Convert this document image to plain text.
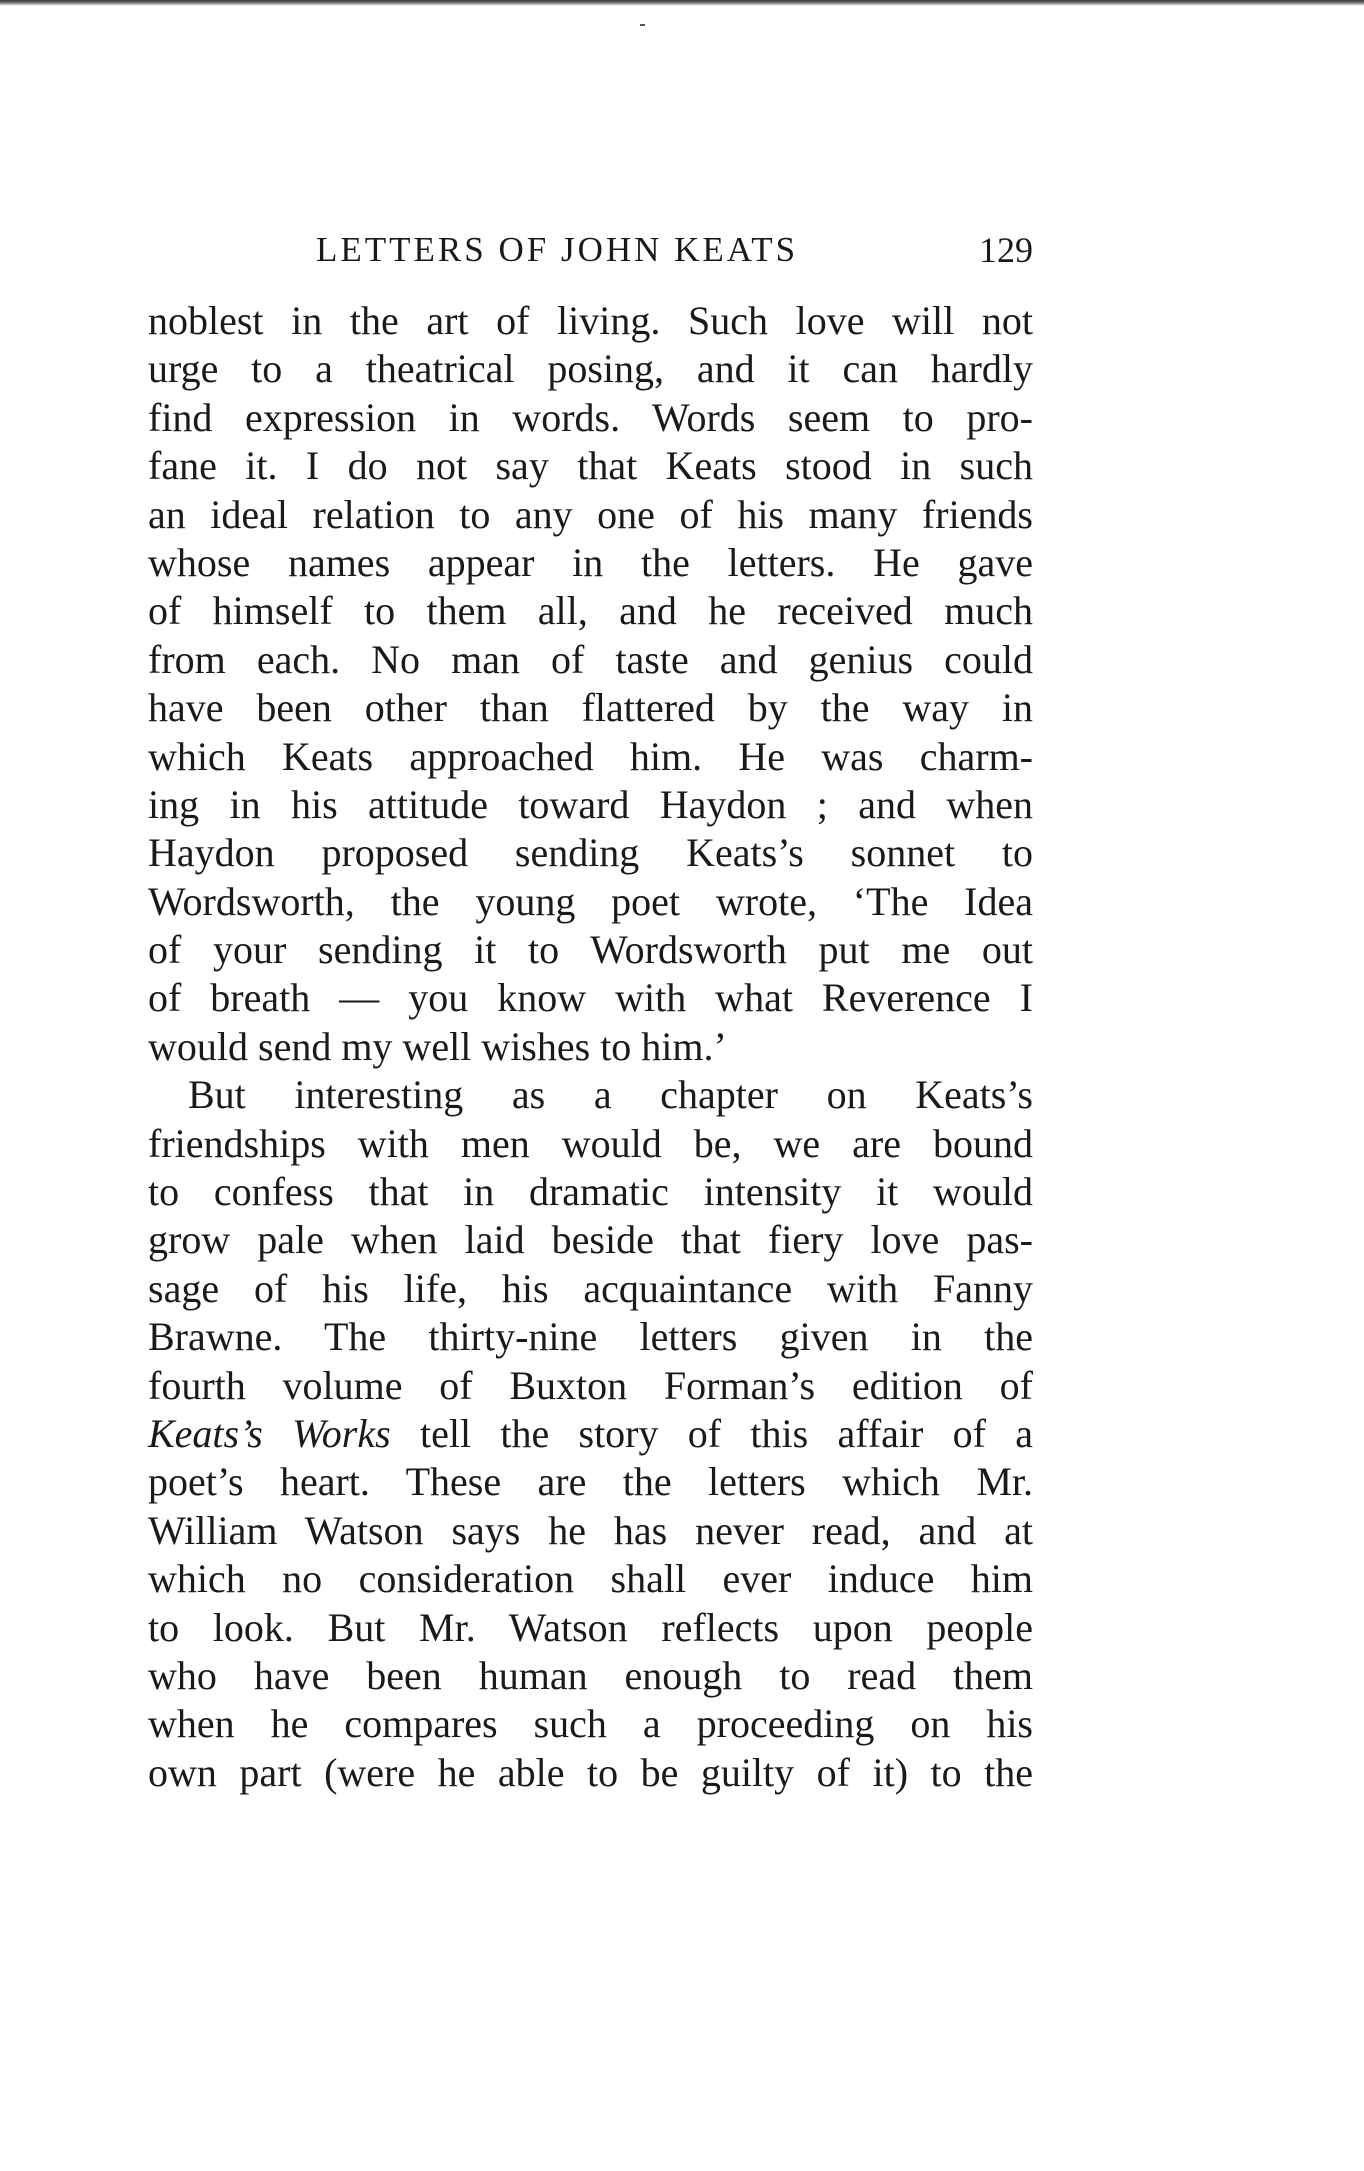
LETTERS OF JOHN KEATS	129
noblest in the art of living. Such love will not
urge to a theatrical posing, and it can hardly
find expression in words. Words seem to pro-
fane it. I do not say that Keats stood in such
an ideal relation to any one of his many friends
whose names appear in the letters. He gave
of himself to them all, and he received much
from each. No man of taste and genius could
have been other than flattered by the way in
which Keats approached him. He was charm-
ing in his attitude toward Haydon ; and when
Haydon proposed sending Keats’s sonnet to
Wordsworth, the young poet wrote, ‘The Idea
of your sending it to Wordsworth put me out
of breath — you know with what Reverence I
would send my well wishes to him.’
But interesting as a chapter on Keats’s
friendships with men would be, we are bound
to confess that in dramatic intensity it would
grow pale when laid beside that fiery love pas-
sage of his life, his acquaintance with Fanny
Brawne. The thirty-nine letters given in the
fourth volume of Buxton Forman’s edition of
Keats’s Works tell the story of this affair of a
poet’s heart. These are the letters which Mr.
William Watson says he has never read, and at
which no consideration shall ever induce him
to look. But Mr. Watson reflects upon people
who have been human enough to read them
when he compares such a proceeding on his
own part (were he able to be guilty of it) to the
